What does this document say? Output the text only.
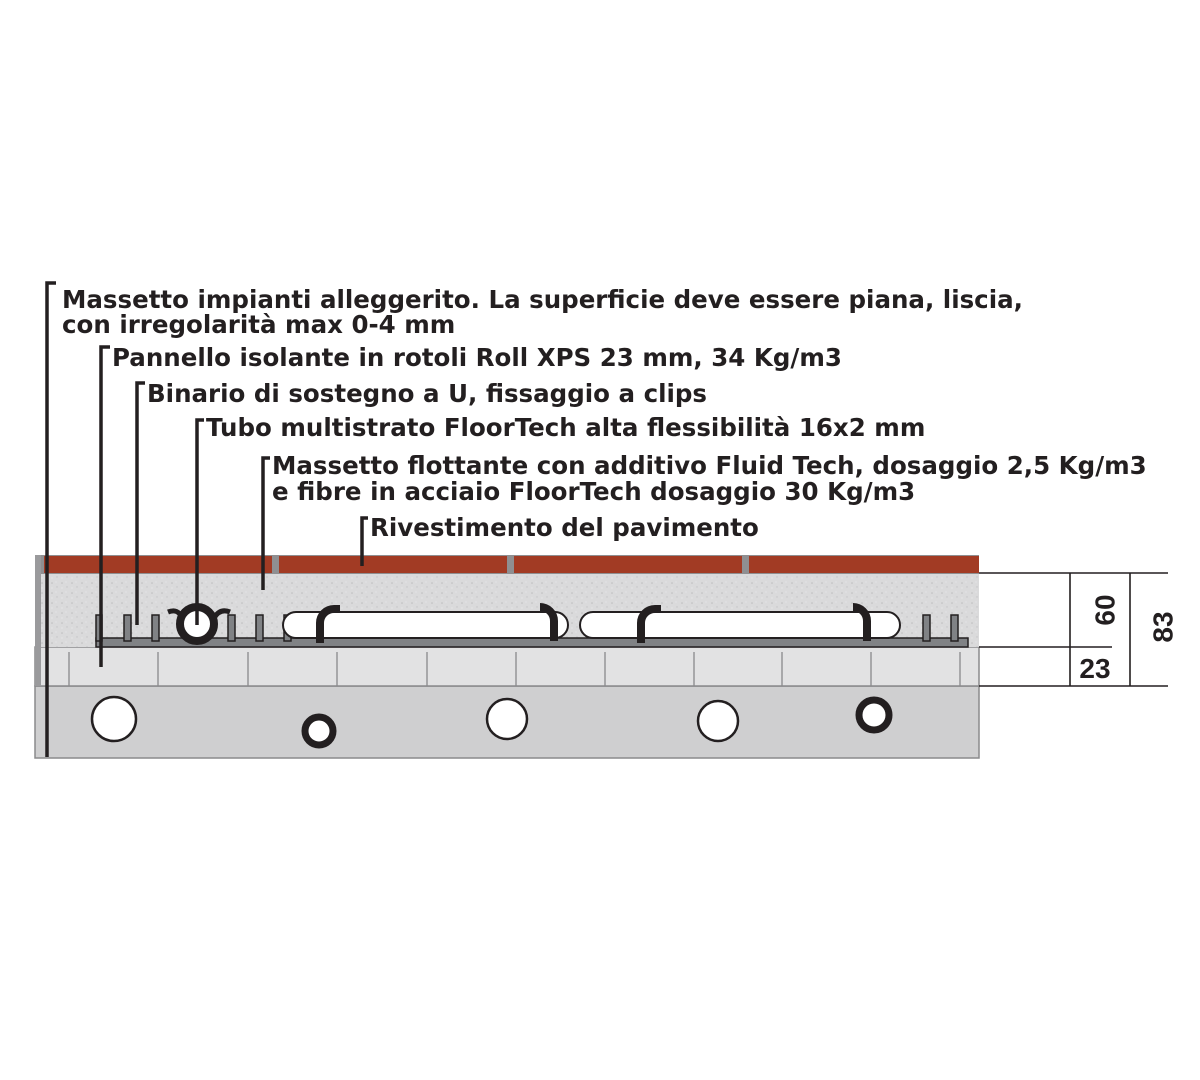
Massetto impianti alleggerito. La superficie deve essere piana, liscia,
con irregolarità max 0-4 mm
Pannello isolante in rotoli Roll XPS 23 mm, 34 Kg/m3
Binario di sostegno a U, fissaggio a clips
Tubo multistrato FloorTech alta flessibilità 16x2 mm
Massetto flottante con additivo Fluid Tech, dosaggio 2,5 Kg/m3
e fibre in acciaio FloorTech dosaggio 30 Kg/m3
Rivestimento del pavimento
60
83
23
